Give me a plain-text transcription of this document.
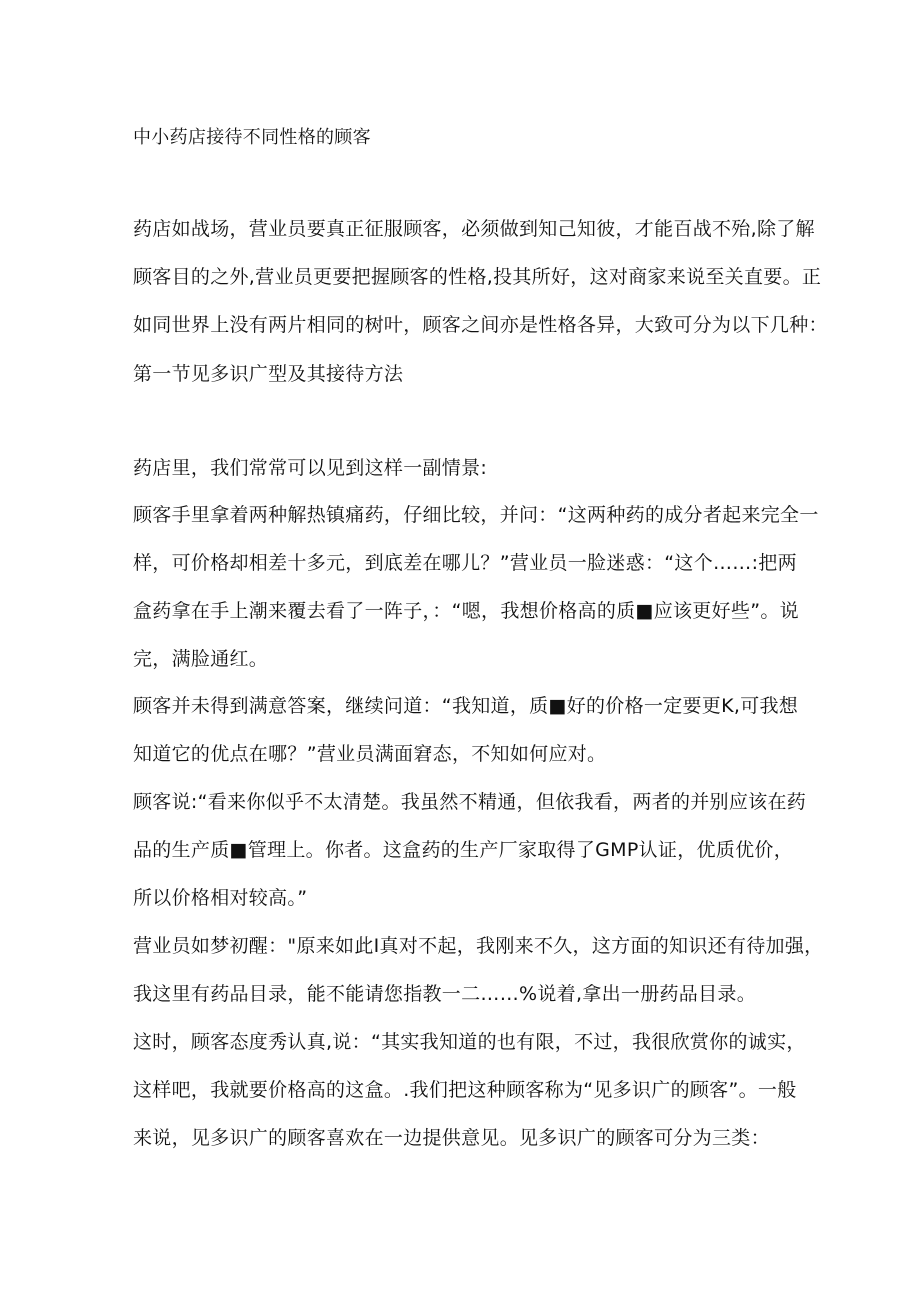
中小药店接待不同性格的顾客
药店如战场，营业员要真正征服顾客，必须做到知己知彼，才能百战不殆,除了解
顾客目的之外,营业员更要把握顾客的性格,投其所好，这对商家来说至关直要。正
如同世界上没有两片相同的树叶，顾客之间亦是性格各异，大致可分为以下几种：
第一节见多识广型及其接待方法
药店里，我们常常可以见到这样一副情景:
顾客手里拿着两种解热镇痛药，仔细比较，并问：“这两种药的成分者起来完全一
样，可价格却相差十多元，到底差在哪儿？”营业员一脸迷惑：“这个……:把两
盒药拿在手上潮来覆去看了一阵子，：“嗯，我想价格高的质■应该更好些”。说
完，满脸通红。
顾客并未得到满意答案，继续问道：“我知道，质■好的价格一定要更K,可我想
知道它的优点在哪？”营业员满面窘态，不知如何应对。
顾客说:“看来你似乎不太清楚。我虽然不精通，但依我看，两者的并别应该在药
品的生产质■管理上。你者。这盒药的生产厂家取得了GMP认证，优质优价，
所以价格相对较高。”
营业员如梦初醒："原来如此I真对不起，我刚来不久，这方面的知识还有待加强，
我这里有药品目录，能不能请您指教一二……%说着,拿出一册药品目录。
这时，顾客态度秀认真,说：“其实我知道的也有限，不过，我很欣赏你的诚实，
这样吧，我就要价格高的这盒。.我们把这种顾客称为“见多识广的顾客”。一般
来说，见多识广的顾客喜欢在一边提供意见。见多识广的顾客可分为三类：
